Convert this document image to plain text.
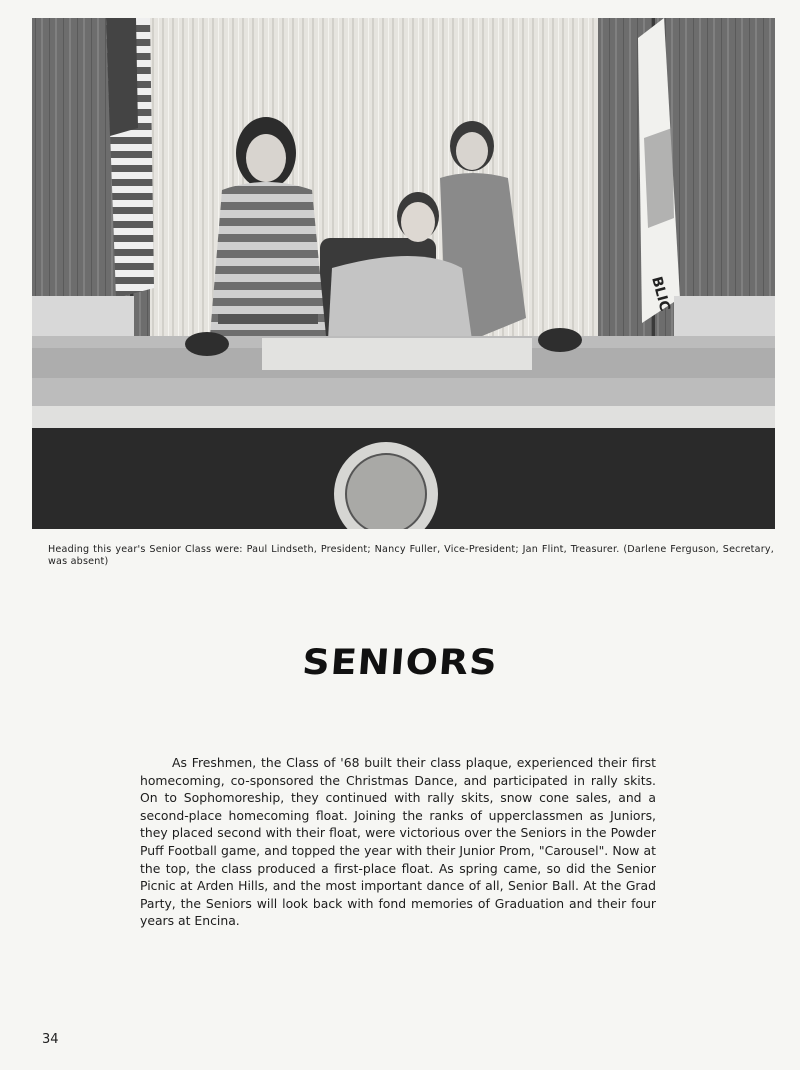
BLIC
Heading this year's Senior Class were: Paul Lindseth, President; Nancy Fuller, Vice-President; Jan Flint, Treasurer. (Darlene Ferguson, Secretary, was absent)
SENIORS
As Freshmen, the Class of '68 built their class plaque, experienced their first homecoming, co-sponsored the Christmas Dance, and participated in rally skits. On to Sophomoreship, they continued with rally skits, snow cone sales, and a second-place homecoming float. Joining the ranks of upperclassmen as Juniors, they placed second with their float, were victorious over the Seniors in the Powder Puff Football game, and topped the year with their Junior Prom, "Carousel". Now at the top, the class produced a first-place float. As spring came, so did the Senior Picnic at Arden Hills, and the most important dance of all, Senior Ball. At the Grad Party, the Seniors will look back with fond memories of Graduation and their four years at Encina.
34
